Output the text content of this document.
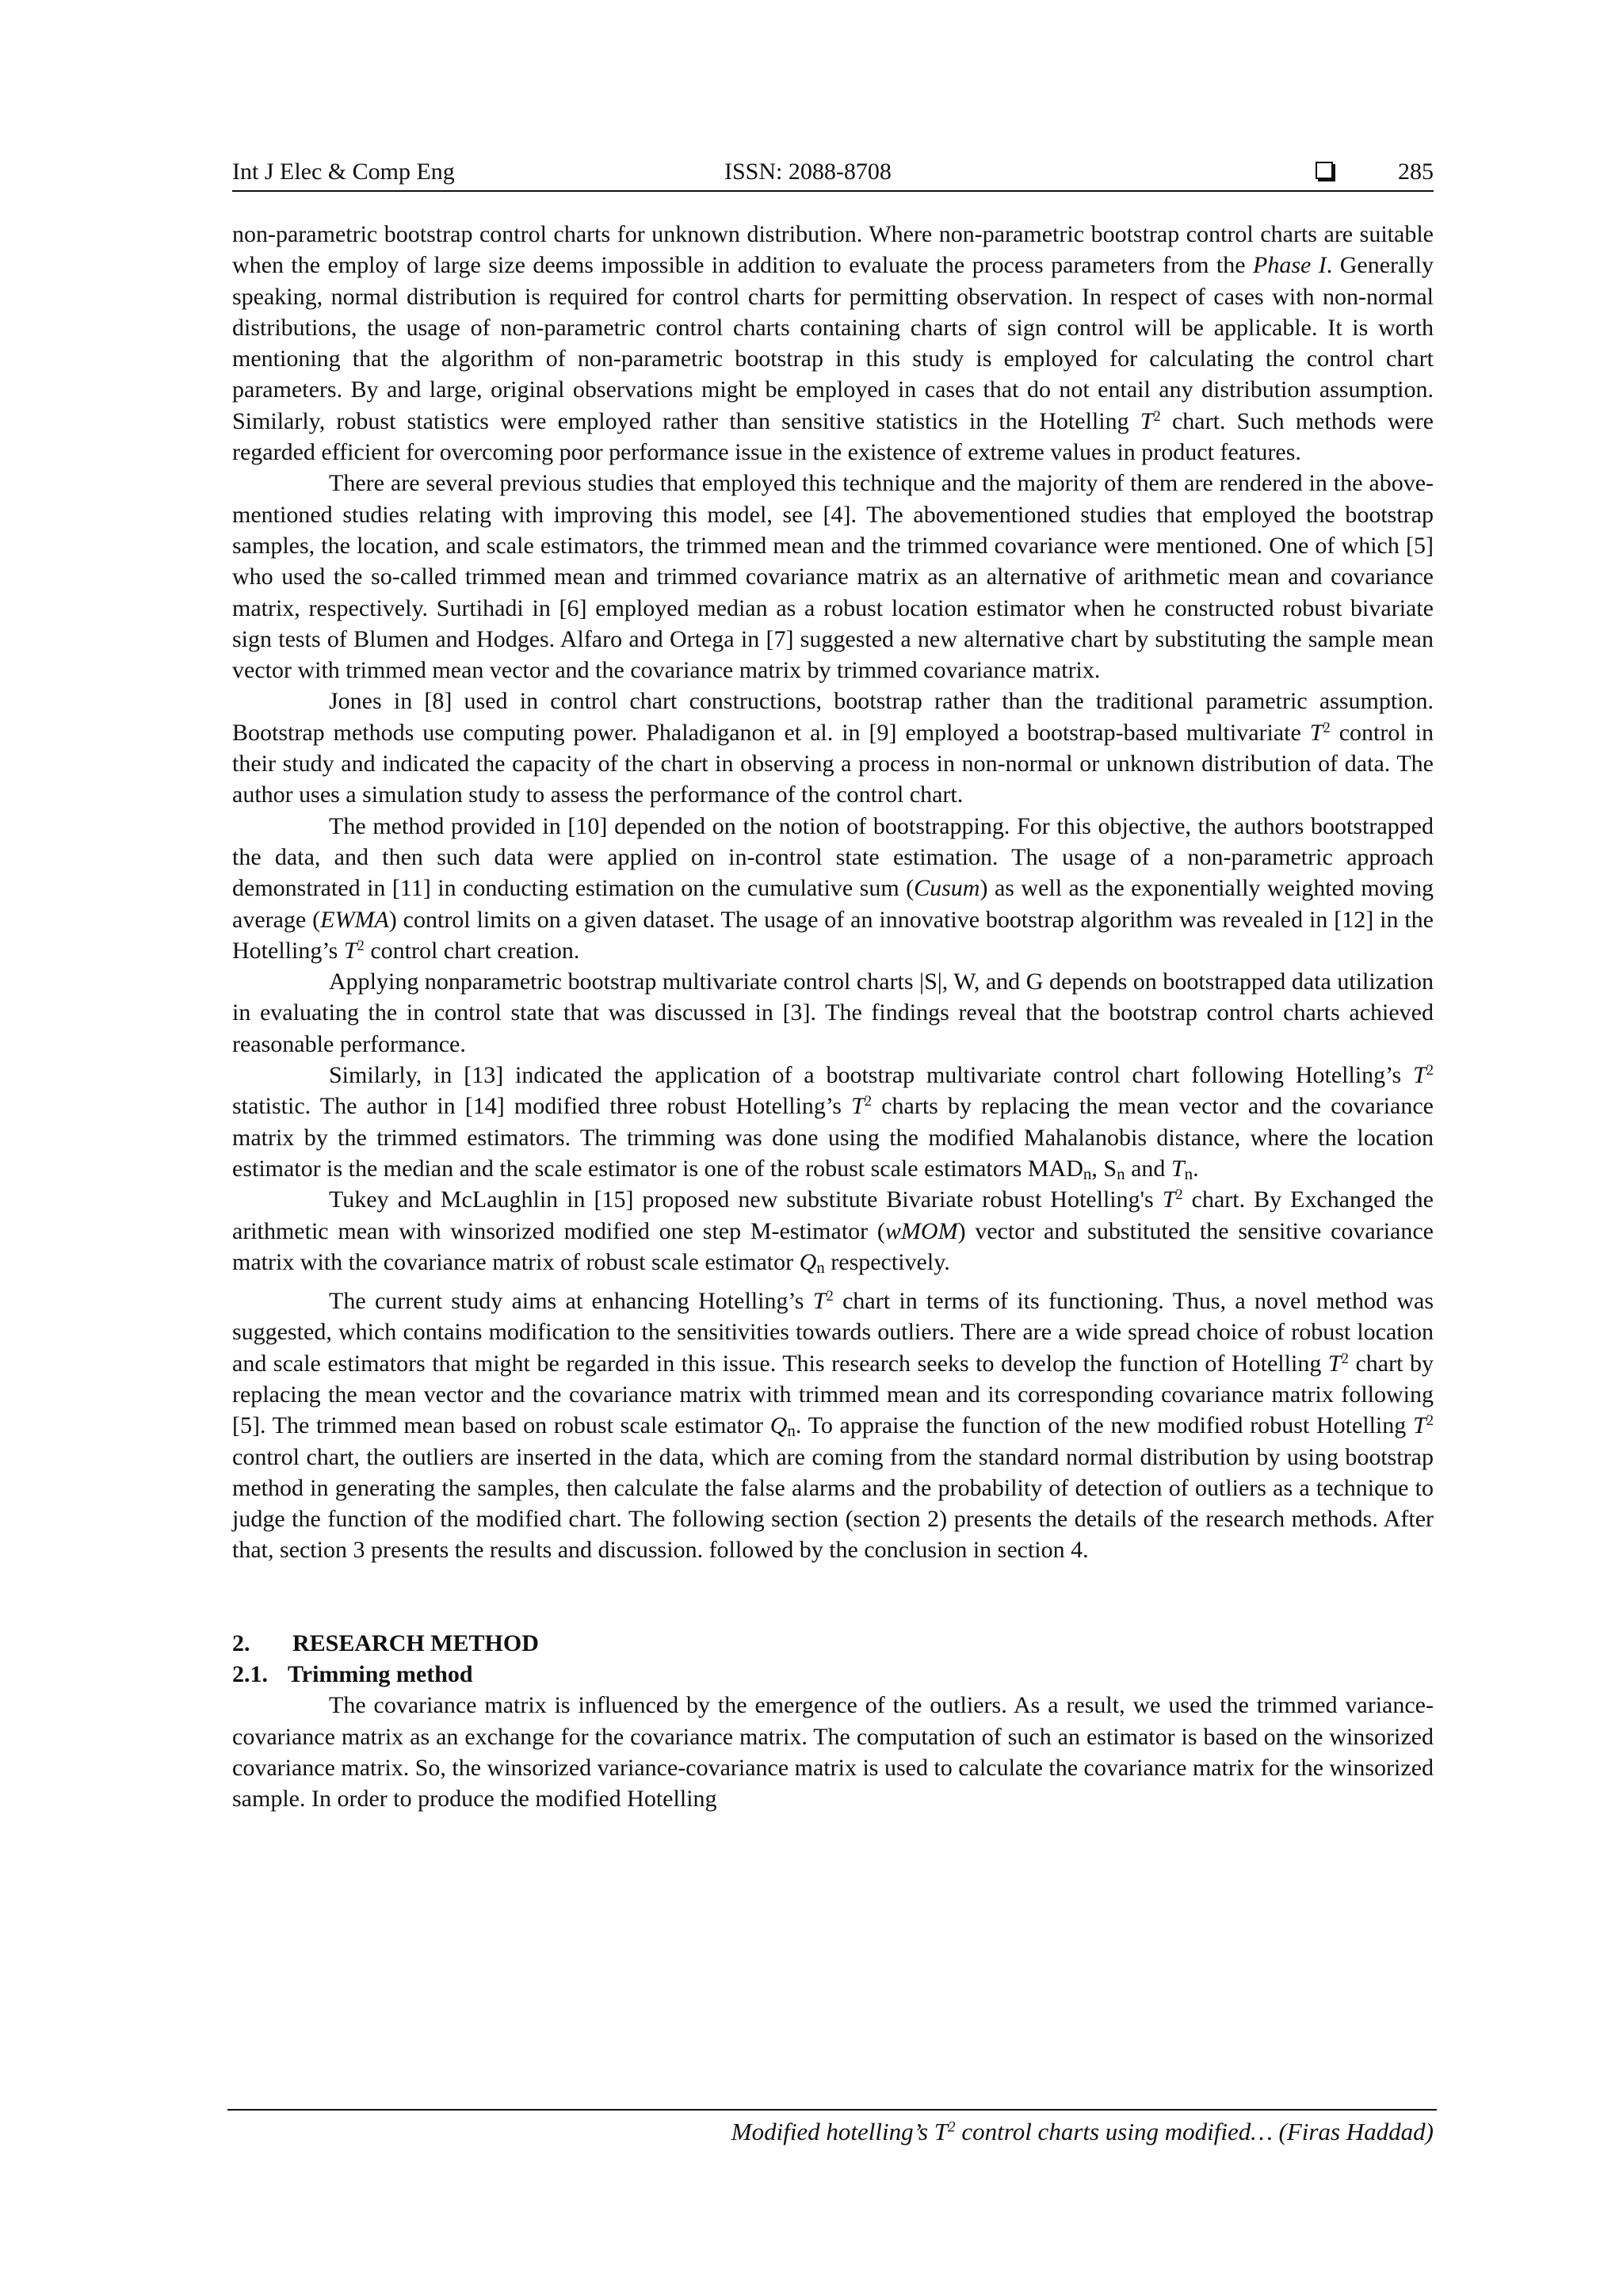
Int J Elec & Comp Eng	ISSN: 2088-8708	285

non-parametric bootstrap control charts for unknown distribution. Where non-parametric bootstrap control charts are suitable when the employ of large size deems impossible in addition to evaluate the process parameters from the Phase I. Generally speaking, normal distribution is required for control charts for permitting observation. In respect of cases with non-normal distributions, the usage of non-parametric control charts containing charts of sign control will be applicable. It is worth mentioning that the algorithm of non-parametric bootstrap in this study is employed for calculating the control chart parameters. By and large, original observations might be employed in cases that do not entail any distribution assumption. Similarly, robust statistics were employed rather than sensitive statistics in the Hotelling $T^2$ chart. Such methods were regarded efficient for overcoming poor performance issue in the existence of extreme values in product features.

There are several previous studies that employed this technique and the majority of them are rendered in the above-mentioned studies relating with improving this model, see [4]. The abovementioned studies that employed the bootstrap samples, the location, and scale estimators, the trimmed mean and the trimmed covariance were mentioned. One of which [5] who used the so-called trimmed mean and trimmed covariance matrix as an alternative of arithmetic mean and covariance matrix, respectively. Surtihadi in [6] employed median as a robust location estimator when he constructed robust bivariate sign tests of Blumen and Hodges. Alfaro and Ortega in [7] suggested a new alternative chart by substituting the sample mean vector with trimmed mean vector and the covariance matrix by trimmed covariance matrix.

Jones in [8] used in control chart constructions, bootstrap rather than the traditional parametric assumption. Bootstrap methods use computing power. Phaladiganon et al. in [9] employed a bootstrap-based multivariate $T^2$ control in their study and indicated the capacity of the chart in observing a process in non-normal or unknown distribution of data. The author uses a simulation study to assess the performance of the control chart.

The method provided in [10] depended on the notion of bootstrapping. For this objective, the authors bootstrapped the data, and then such data were applied on in-control state estimation. The usage of a non-parametric approach demonstrated in [11] in conducting estimation on the cumulative sum (Cusum) as well as the exponentially weighted moving average (EWMA) control limits on a given dataset. The usage of an innovative bootstrap algorithm was revealed in [12] in the Hotelling’s $T^2$ control chart creation.

Applying nonparametric bootstrap multivariate control charts |S|, W, and G depends on bootstrapped data utilization in evaluating the in control state that was discussed in [3]. The findings reveal that the bootstrap control charts achieved reasonable performance.

Similarly, in [13] indicated the application of a bootstrap multivariate control chart following Hotelling’s $T^2$ statistic. The author in [14] modified three robust Hotelling’s $T^2$ charts by replacing the mean vector and the covariance matrix by the trimmed estimators. The trimming was done using the modified Mahalanobis distance, where the location estimator is the median and the scale estimator is one of the robust scale estimators $MAD_n$, $S_n$ and $T_n$.

Tukey and McLaughlin in [15] proposed new substitute Bivariate robust Hotelling's $T^2$ chart. By Exchanged the arithmetic mean with winsorized modified one step M-estimator (wMOM) vector and substituted the sensitive covariance matrix with the covariance matrix of robust scale estimator $Q_n$ respectively.

The current study aims at enhancing Hotelling’s $T^2$ chart in terms of its functioning. Thus, a novel method was suggested, which contains modification to the sensitivities towards outliers. There are a wide spread choice of robust location and scale estimators that might be regarded in this issue. This research seeks to develop the function of Hotelling $T^2$ chart by replacing the mean vector and the covariance matrix with trimmed mean and its corresponding covariance matrix following [5]. The trimmed mean based on robust scale estimator $Q_n$. To appraise the function of the new modified robust Hotelling $T^2$ control chart, the outliers are inserted in the data, which are coming from the standard normal distribution by using bootstrap method in generating the samples, then calculate the false alarms and the probability of detection of outliers as a technique to judge the function of the modified chart. The following section (section 2) presents the details of the research methods. After that, section 3 presents the results and discussion. followed by the conclusion in section 4.

2. RESEARCH METHOD
2.1. Trimming method

The covariance matrix is influenced by the emergence of the outliers. As a result, we used the trimmed variance-covariance matrix as an exchange for the covariance matrix. The computation of such an estimator is based on the winsorized covariance matrix. So, the winsorized variance-covariance matrix is used to calculate the covariance matrix for the winsorized sample. In order to produce the modified Hotelling

Modified hotelling’s $T^2$ control charts using modified… (Firas Haddad)
